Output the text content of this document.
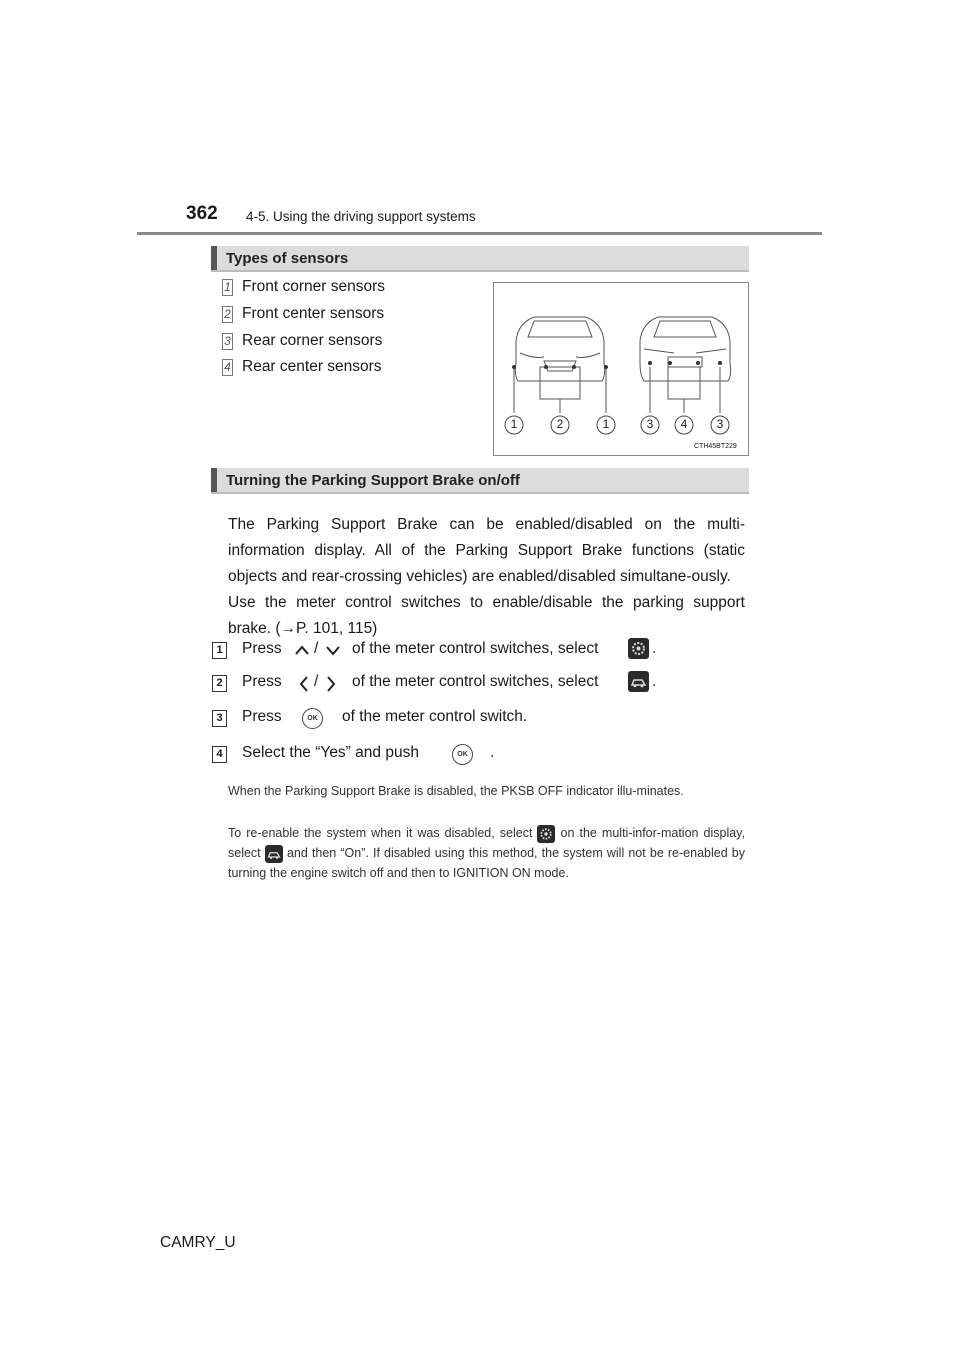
362 4-5. Using the driving support systems
Types of sensors
1 Front corner sensors
2 Front center sensors
3 Rear corner sensors
4 Rear center sensors
1	2	1	3	4	3
CTH45BT229
Turning the Parking Support Brake on/off
The Parking Support Brake can be enabled/disabled on the multi-information display. All of the Parking Support Brake functions (static objects and rear-crossing vehicles) are enabled/disabled simultane-ously.
Use the meter control switches to enable/disable the parking support brake. (→P. 101, 115)
1 Press / of the meter control switches, select	.
2 Press / of the meter control switches, select	.
3 Press	OK	of the meter control switch.
4 Select the “Yes” and push	OK	.
When the Parking Support Brake is disabled, the PKSB OFF indicator illu-minates.
To re-enable the system when it was disabled, select on the multi-infor-mation display, select and then “On”. If disabled using this method, the system will not be re-enabled by turning the engine switch off and then to IGNITION ON mode.
CAMRY_U
